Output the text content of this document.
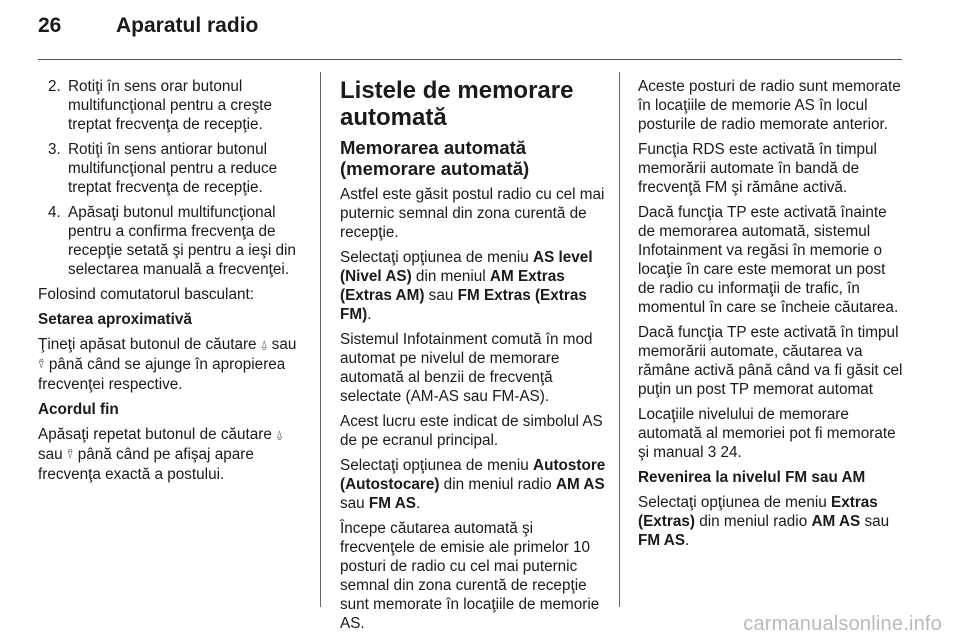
26	Aparatul radio
2. Rotiţi în sens orar butonul multifuncţional pentru a creşte treptat frecvenţa de recepţie.
3. Rotiţi în sens antiorar butonul multifuncţional pentru a reduce treptat frecvenţa de recepţie.
4. Apăsaţi butonul multifuncţional pentru a confirma frecvenţa de recepţie setată şi pentru a ieşi din selectarea manuală a frecvenţei.

Folosind comutatorul basculant:

Setarea aproximativă

Ţineţi apăsat butonul de căutare ⍙ sau ⍢ până când se ajunge în apropierea frecvenţei respective.

Acordul fin

Apăsaţi repetat butonul de căutare ⍙ sau ⍢ până când pe afişaj apare frecvenţa exactă a postului.

Listele de memorare automată

Memorarea automată (memorare automată)

Astfel este găsit postul radio cu cel mai puternic semnal din zona curentă de recepţie.

Selectaţi opţiunea de meniu AS level (Nivel AS) din meniul AM Extras (Extras AM) sau FM Extras (Extras FM).

Sistemul Infotainment comută în mod automat pe nivelul de memorare automată al benzii de frecvenţă selectate (AM-AS sau FM-AS).

Acest lucru este indicat de simbolul AS de pe ecranul principal.

Selectaţi opţiunea de meniu Autostore (Autostocare) din meniul radio AM AS sau FM AS.

Începe căutarea automată şi frecvenţele de emisie ale primelor 10 posturi de radio cu cel mai puternic semnal din zona curentă de recepţie sunt memorate în locaţiile de memorie AS.

Aceste posturi de radio sunt memorate în locaţiile de memorie AS în locul posturile de radio memorate anterior.

Funcţia RDS este activată în timpul memorării automate în bandă de frecvenţă FM şi rămâne activă.

Dacă funcţia TP este activată înainte de memorarea automată, sistemul Infotainment va regăsi în memorie o locaţie în care este memorat un post de radio cu informaţii de trafic, în momentul în care se încheie căutarea.

Dacă funcţia TP este activată în timpul memorării automate, căutarea va rămâne activă până când va fi găsit cel puţin un post TP memorat automat

Locaţiile nivelului de memorare automată al memoriei pot fi memorate şi manual 3 24.

Revenirea la nivelul FM sau AM

Selectaţi opţiunea de meniu Extras (Extras) din meniul radio AM AS sau FM AS.

carmanualsonline.info
